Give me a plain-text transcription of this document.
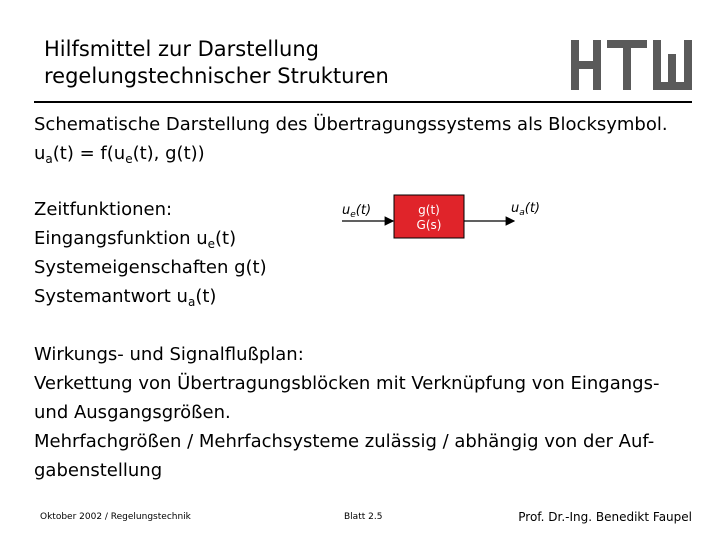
Hilfsmittel zur Darstellung
regelungstechnischer Strukturen
Schematische Darstellung des Übertragungssystems als Blocksymbol.
$u_a(t) = f(u_e(t)$, g(t))
Zeitfunktionen:
Eingangsfunktion $u_e(t)$
Systemeigenschaften g(t)
Systemantwort $u_a(t)$
$u_e(t)$	g(t)
G(s)
$u_a(t)$
Wirkungs- und Signalflußplan:
Verkettung von Übertragungsblöcken mit Verknüpfung von Eingangs-
und Ausgangsgrößen.
Mehrfachgrößen / Mehrfachsysteme zulässig / abhängig von der Auf-
gabenstellung
Oktober 2002 / Regelungstechnik	Blatt 2.5	Prof. Dr.-Ing. Benedikt Faupel
